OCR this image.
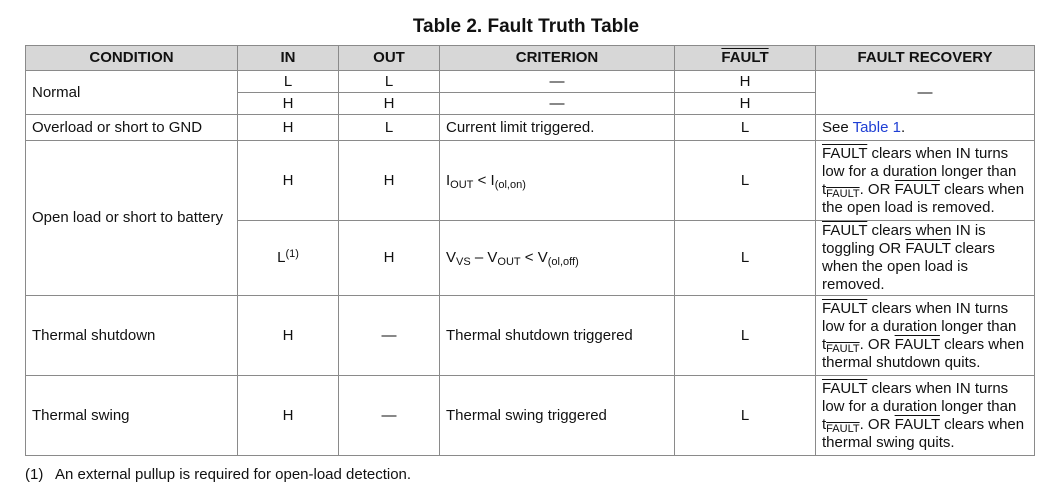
Table 2. Fault Truth Table
CONDITION	IN	OUT	CRITERION	FAULT	FAULT RECOVERY
Normal	L	L	—	H	—
	H	H	—	H	
Overload or short to GND	H	L	Current limit triggered.	L	See Table 1.
Open load or short to battery	H	H	$I_{OUT} < I_{(ol,on)}$	L	FAULT clears when IN turns low for a duration longer than $t_{FAULT}$. OR FAULT clears when the open load is removed.
	$L^{(1)}$	H	$V_{VS} - V_{OUT} < V_{(ol,off)}$	L	FAULT clears when IN is toggling OR FAULT clears when the open load is removed.
Thermal shutdown	H	—	Thermal shutdown triggered	L	FAULT clears when IN turns low for a duration longer than $t_{FAULT}$. OR FAULT clears when thermal shutdown quits.
Thermal swing	H	—	Thermal swing triggered	L	FAULT clears when IN turns low for a duration longer than $t_{FAULT}$. OR FAULT clears when thermal swing quits.
(1)   An external pullup is required for open-load detection.
